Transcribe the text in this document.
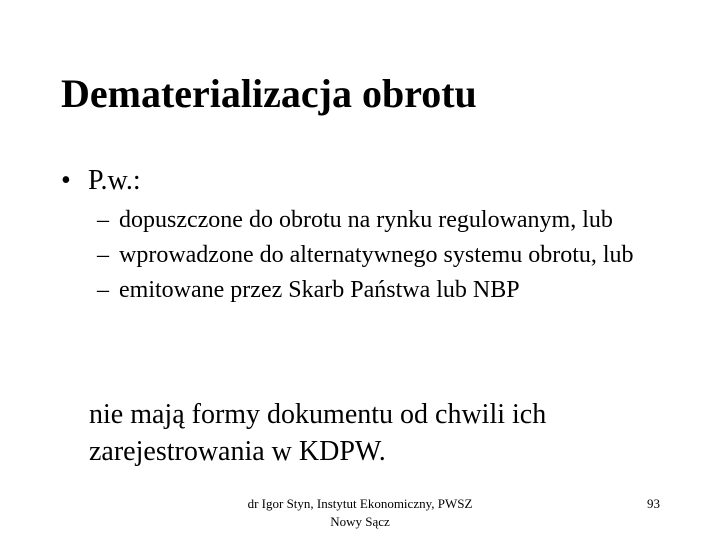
Dematerializacja obrotu
• P.w.:
– dopuszczone do obrotu na rynku regulowanym, lub
– wprowadzone do alternatywnego systemu obrotu, lub
– emitowane przez Skarb Państwa lub NBP

nie mają formy dokumentu od chwili ich zarejestrowania w KDPW.

dr Igor Styn, Instytut Ekonomiczny, PWSZ Nowy Sącz
93
